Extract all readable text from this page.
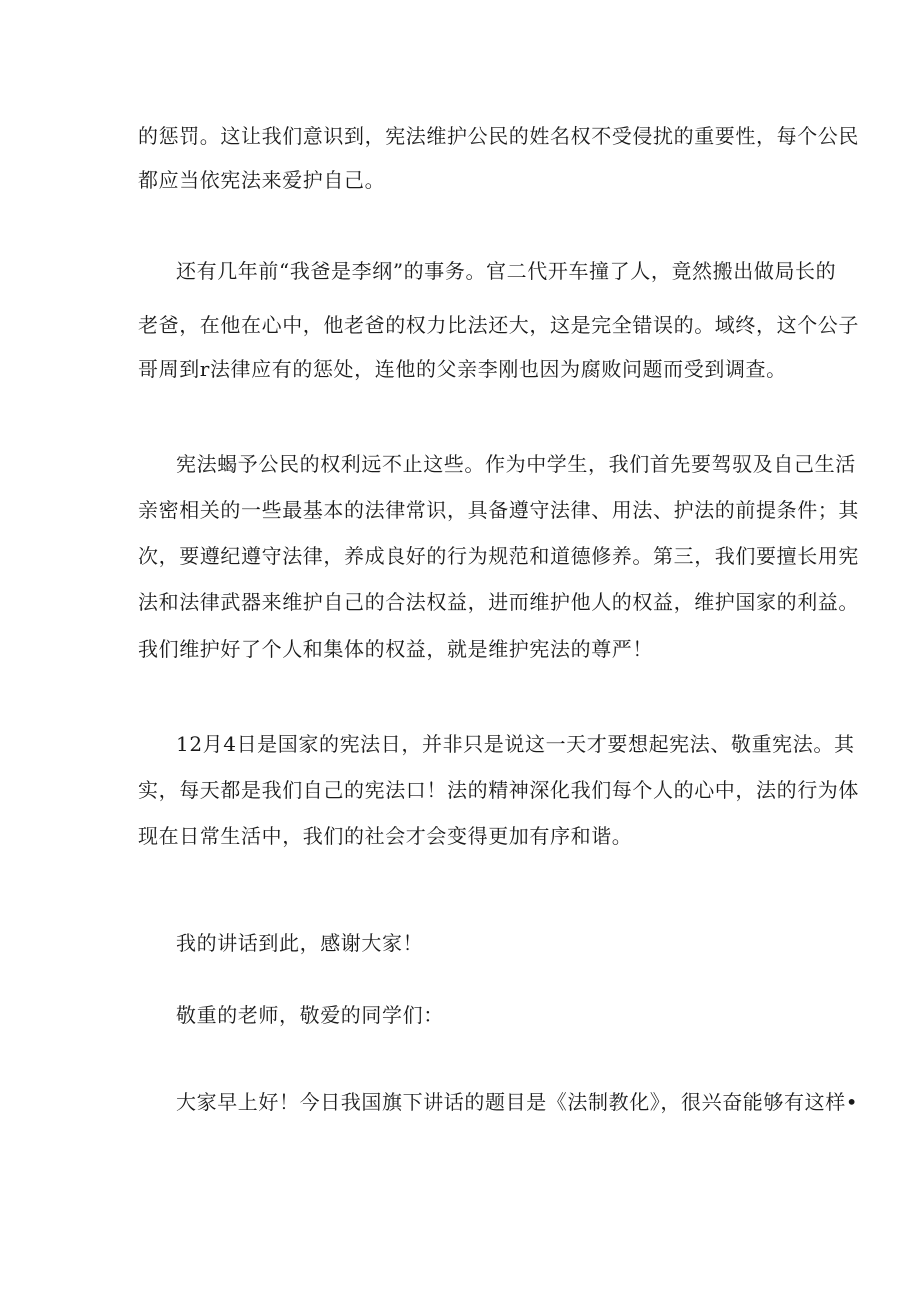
的惩罚。这让我们意识到，宪法维护公民的姓名权不受侵扰的重要性，每个公民
都应当依宪法来爱护自己。
还有几年前“我爸是李纲”的事务。官二代开车撞了人，竟然搬出做局长的
老爸，在他在心中，他老爸的权力比法还大，这是完全错误的。域终，这个公子
哥周到r法律应有的惩处，连他的父亲李刚也因为腐败问题而受到调查。
宪法蝎予公民的权利远不止这些。作为中学生，我们首先要驾驭及自己生活
亲密相关的一些最基本的法律常识，具备遵守法律、用法、护法的前提条件；其
次，要遵纪遵守法律，养成良好的行为规范和道德修养。第三，我们要擅长用宪
法和法律武器来维护自己的合法权益，进而维护他人的权益，维护国家的利益。
我们维护好了个人和集体的权益，就是维护宪法的尊严！
12月4日是国家的宪法日，并非只是说这一天才要想起宪法、敬重宪法。其
实，每天都是我们自己的宪法口！法的精神深化我们每个人的心中，法的行为体
现在日常生活中，我们的社会才会变得更加有序和谐。
我的讲话到此，感谢大家！
敬重的老师，敬爱的同学们：
大家早上好！今日我国旗下讲话的题目是《法制教化》，很兴奋能够有这样•
